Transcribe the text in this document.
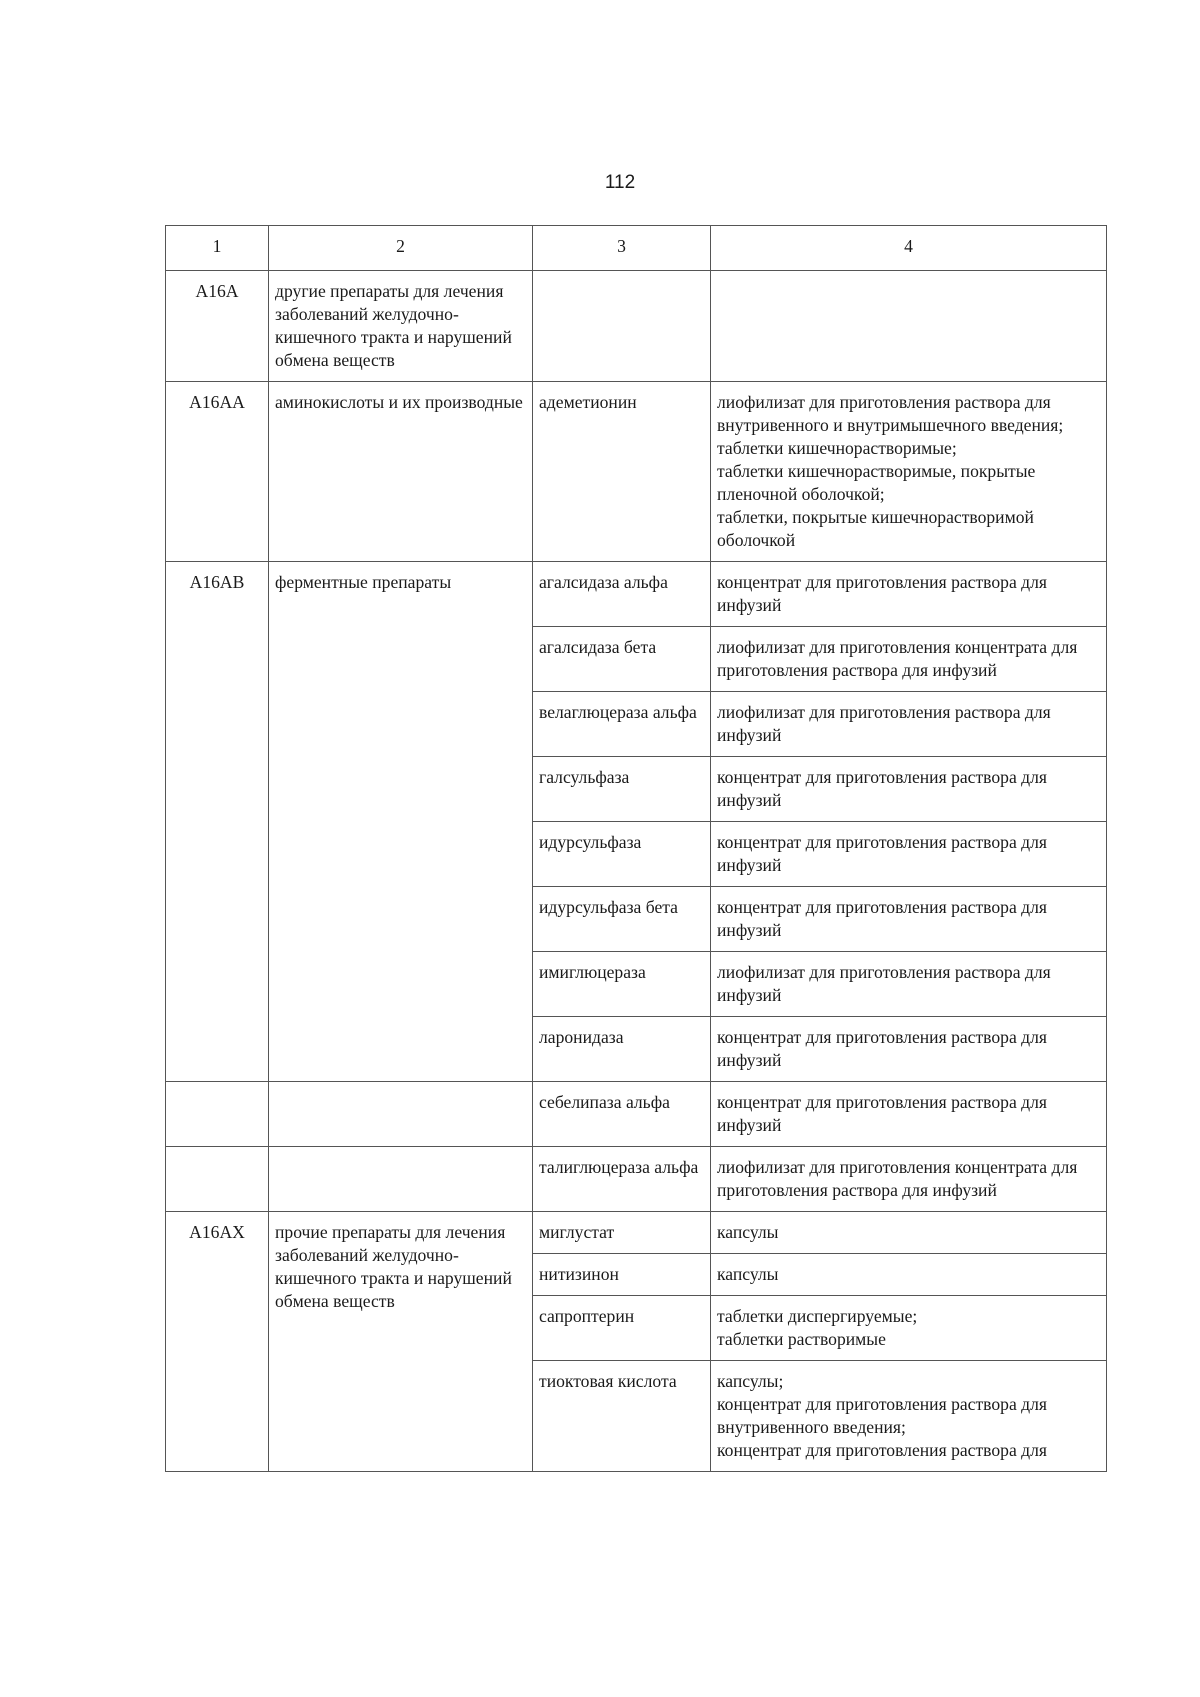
112
1	2	3	4
A16A	другие препараты для лечения заболеваний желудочно-кишечного тракта и нарушений обмена веществ		
A16AA	аминокислоты и их производные	адеметионин	лиофилизат для приготовления раствора для внутривенного и внутримышечного введения;
таблетки кишечнорастворимые;
таблетки кишечнорастворимые, покрытые пленочной оболочкой;
таблетки, покрытые кишечнорастворимой оболочкой

A16AB	ферментные препараты	агалсидаза альфа	концентрат для приготовления раствора для инфузий
		агалсидаза бета	лиофилизат для приготовления концентрата для приготовления раствора для инфузий
		велаглюцераза альфа	лиофилизат для приготовления раствора для инфузий
		галсульфаза	концентрат для приготовления раствора для инфузий
		идурсульфаза	концентрат для приготовления раствора для инфузий
		идурсульфаза бета	концентрат для приготовления раствора для инфузий
		имиглюцераза	лиофилизат для приготовления раствора для инфузий
		ларонидаза	концентрат для приготовления раствора для инфузий
		себелипаза альфа	концентрат для приготовления раствора для инфузий
		талиглюцераза альфа	лиофилизат для приготовления концентрата для приготовления раствора для инфузий
A16AX	прочие препараты для лечения заболеваний желудочно-кишечного тракта и нарушений обмена веществ	миглустат	капсулы
		нитизинон	капсулы
		сапроптерин	таблетки диспергируемые;
таблетки растворимые

		тиоктовая кислота	капсулы;
концентрат для приготовления раствора для внутривенного введения;
концентрат для приготовления раствора для
